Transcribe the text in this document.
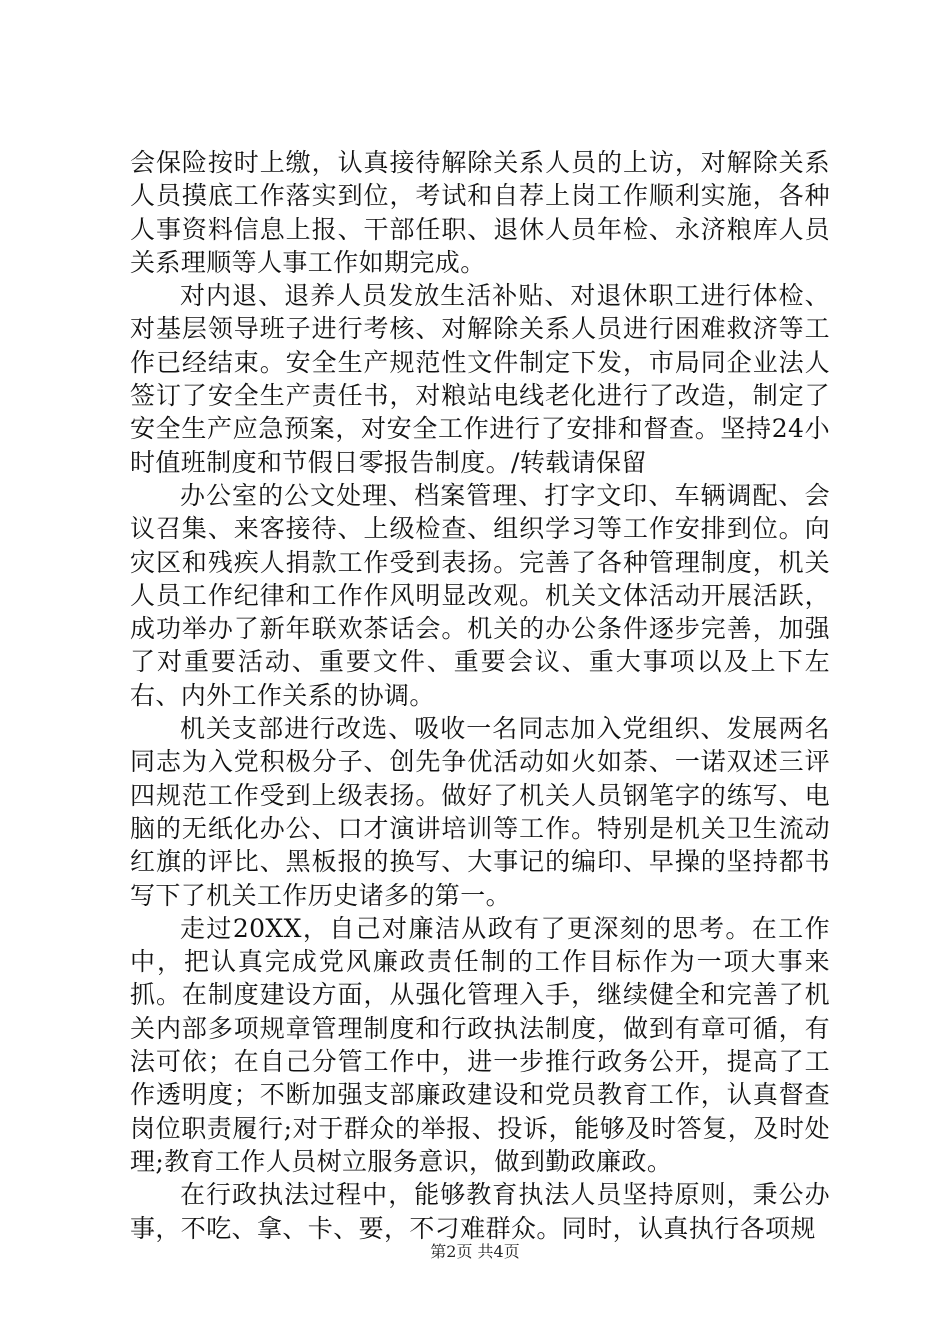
会保险按时上缴，认真接待解除关系人员的上访，对解除关系人员摸底工作落实到位，考试和自荐上岗工作顺利实施，各种人事资料信息上报、干部任职、退休人员年检、永济粮库人员关系理顺等人事工作如期完成。

对内退、退养人员发放生活补贴、对退休职工进行体检、对基层领导班子进行考核、对解除关系人员进行困难救济等工作已经结束。安全生产规范性文件制定下发，市局同企业法人签订了安全生产责任书，对粮站电线老化进行了改造，制定了安全生产应急预案，对安全工作进行了安排和督查。坚持24小时值班制度和节假日零报告制度。/转载请保留

办公室的公文处理、档案管理、打字文印、车辆调配、会议召集、来客接待、上级检查、组织学习等工作安排到位。向灾区和残疾人捐款工作受到表扬。完善了各种管理制度，机关人员工作纪律和工作作风明显改观。机关文体活动开展活跃，成功举办了新年联欢茶话会。机关的办公条件逐步完善，加强了对重要活动、重要文件、重要会议、重大事项以及上下左右、内外工作关系的协调。

机关支部进行改选、吸收一名同志加入党组织、发展两名同志为入党积极分子、创先争优活动如火如荼、一诺双述三评四规范工作受到上级表扬。做好了机关人员钢笔字的练写、电脑的无纸化办公、口才演讲培训等工作。特别是机关卫生流动红旗的评比、黑板报的换写、大事记的编印、早操的坚持都书写下了机关工作历史诸多的第一。

走过20XX，自己对廉洁从政有了更深刻的思考。在工作中，把认真完成党风廉政责任制的工作目标作为一项大事来抓。在制度建设方面，从强化管理入手，继续健全和完善了机关内部多项规章管理制度和行政执法制度，做到有章可循，有法可依；在自己分管工作中，进一步推行政务公开，提高了工作透明度；不断加强支部廉政建设和党员教育工作，认真督查岗位职责履行;对于群众的举报、投诉，能够及时答复，及时处理;教育工作人员树立服务意识，做到勤政廉政。

在行政执法过程中，能够教育执法人员坚持原则，秉公办事，不吃、拿、卡、要，不刁难群众。同时，认真执行各项规

第2页 共4页
